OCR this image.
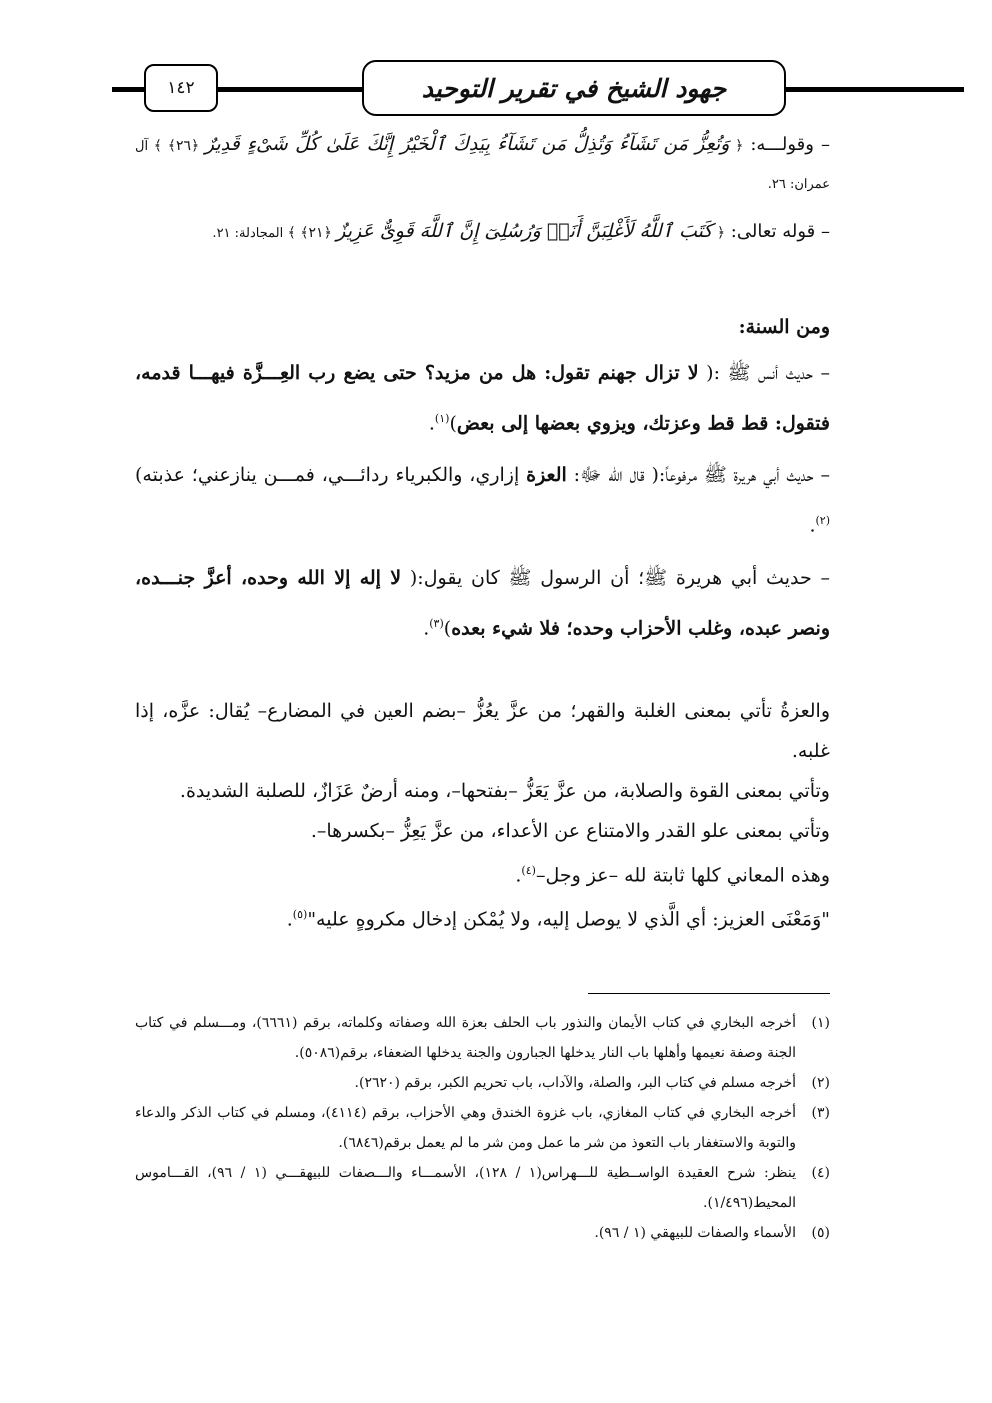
١٤٢	جهود الشيخ في تقرير التوحيد
– وقولـــه: ﴿ وَتُعِزُّ مَن تَشَآءُ وَتُذِلُّ مَن تَشَآءُ بِيَدِكَ ٱلْخَيْرُ إِنَّكَ عَلَىٰ كُلِّ شَىْءٍ قَدِيرٌ ﴿٢٦﴾ ﴾ آل عمران: ٢٦.
– قوله تعالى: ﴿ كَتَبَ ٱللَّهُ لَأَغْلِبَنَّ أَنَا۠ وَرُسُلِىٓ إِنَّ ٱللَّهَ قَوِىٌّ عَزِيزٌ ﴿٢١﴾ ﴾ المجادلة: ٢١.
ومن السنة:
– حديث أنس ﷺ :( لا تزال جهنم تقول: هل من مزيد؟ حتى يضع رب العِـــزَّة فيهـــا قدمه، فتقول: قط قط وعزتك، ويزوي بعضها إلى بعض)$^{(١)}$.
– حديث أبي هريرة ﷺ مرفوعاً:( قال الله ﷻ: العزة إزاري، والكبرياء ردائـــي، فمـــن ينازعني؛ عذبته)$^{(٢)}$.
– حديث أبي هريرة ﷺ؛ أن الرسول ﷺ كان يقول:( لا إله إلا الله وحده، أعزَّ جنـــده، ونصر عبده، وغلب الأحزاب وحده؛ فلا شيء بعده)$^{(٣)}$.
والعزةُ تأتي بمعنى الغلبة والقهر؛ من عزَّ يعُزُّ –بضم العين في المضارع– يُقال: عزَّه، إذا غلبه.
وتأتي بمعنى القوة والصلابة، من عزَّ يَعَزُّ –بفتحها–، ومنه أرضٌ عَزَازٌ، للصلبة الشديدة.
وتأتي بمعنى علو القدر والامتناع عن الأعداء، من عزَّ يَعِزُّ –بكسرها–.
وهذه المعاني كلها ثابتة لله –عز وجل–$^{(٤)}$.
"وَمَعْنَى العزيز: أي الَّذي لا يوصل إليه، ولا يُمْكن إدخال مكروهٍ عليه"$^{(٥)}$.
(١)
أخرجه البخاري في كتاب الأيمان والنذور باب الحلف بعزة الله وصفاته وكلماته، برقم (٦٦٦١)، ومـــسلم في كتاب الجنة وصفة نعيمها وأهلها باب النار يدخلها الجبارون والجنة يدخلها الضعفاء، برقم(٥٠٨٦).
(٢)
أخرجه مسلم في كتاب البر، والصلة، والآداب، باب تحريم الكبر، برقم (٢٦٢٠).
(٣)
أخرجه البخاري في كتاب المغازي، باب غزوة الخندق وهي الأحزاب، برقم (٤١١٤)، ومسلم في كتاب الذكر والدعاء والتوبة والاستغفار باب التعوذ من شر ما عمل ومن شر ما لم يعمل برقم(٦٨٤٦).
(٤)
ينظر: شرح العقيدة الواســطية للـــهراس(١ / ١٢٨)، الأسمـــاء والـــصفات للبيهقـــي (١ / ٩٦)، القـــاموس المحيط(١/٤٩٦).
(٥)
الأسماء والصفات للبيهقي (١ / ٩٦).
